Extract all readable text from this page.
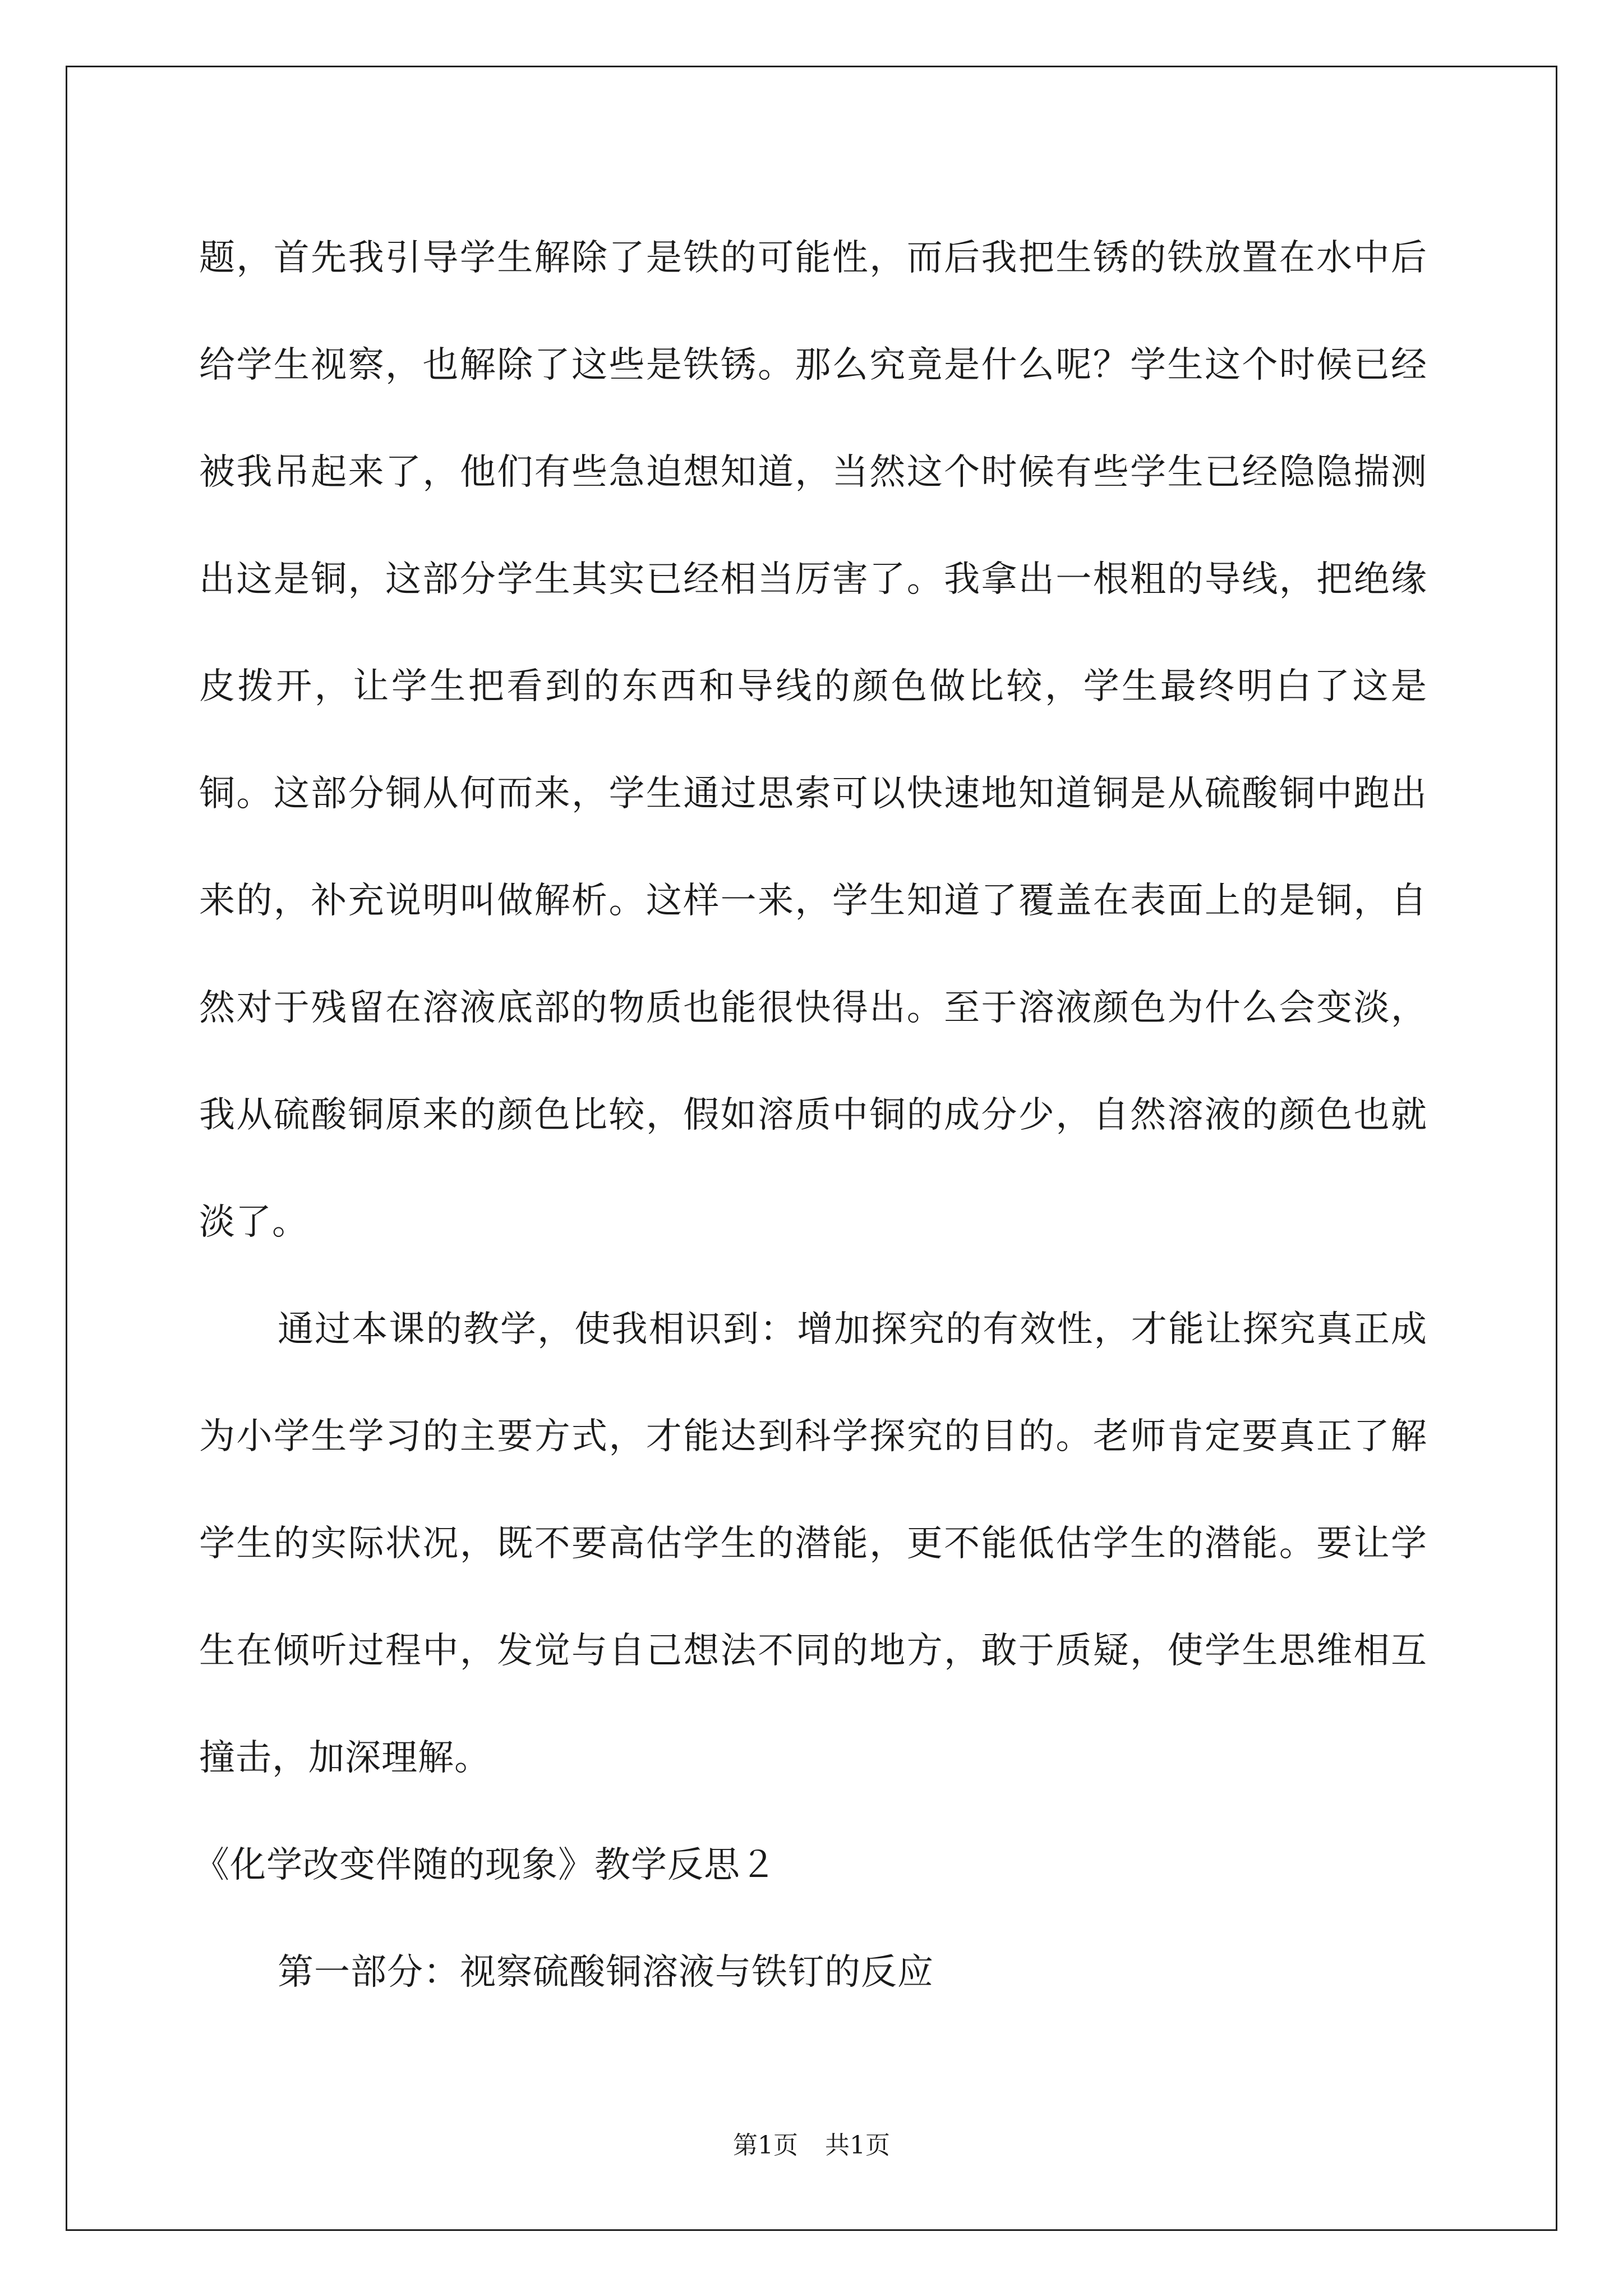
题，首先我引导学生解除了是铁的可能性，而后我把生锈的铁放置在水中后给学生视察，也解除了这些是铁锈。那么究竟是什么呢？学生这个时候已经被我吊起来了，他们有些急迫想知道，当然这个时候有些学生已经隐隐揣测出这是铜，这部分学生其实已经相当厉害了。我拿出一根粗的导线，把绝缘皮拨开，让学生把看到的东西和导线的颜色做比较，学生最终明白了这是铜。这部分铜从何而来，学生通过思索可以快速地知道铜是从硫酸铜中跑出来的，补充说明叫做解析。这样一来，学生知道了覆盖在表面上的是铜，自然对于残留在溶液底部的物质也能很快得出。至于溶液颜色为什么会变淡，我从硫酸铜原来的颜色比较，假如溶质中铜的成分少，自然溶液的颜色也就淡了。

通过本课的教学，使我相识到：增加探究的有效性，才能让探究真正成为小学生学习的主要方式，才能达到科学探究的目的。老师肯定要真正了解学生的实际状况，既不要高估学生的潜能，更不能低估学生的潜能。要让学生在倾听过程中，发觉与自己想法不同的地方，敢于质疑，使学生思维相互撞击，加深理解。

《化学改变伴随的现象》教学反思２

第一部分：视察硫酸铜溶液与铁钉的反应

第1页 共1页
